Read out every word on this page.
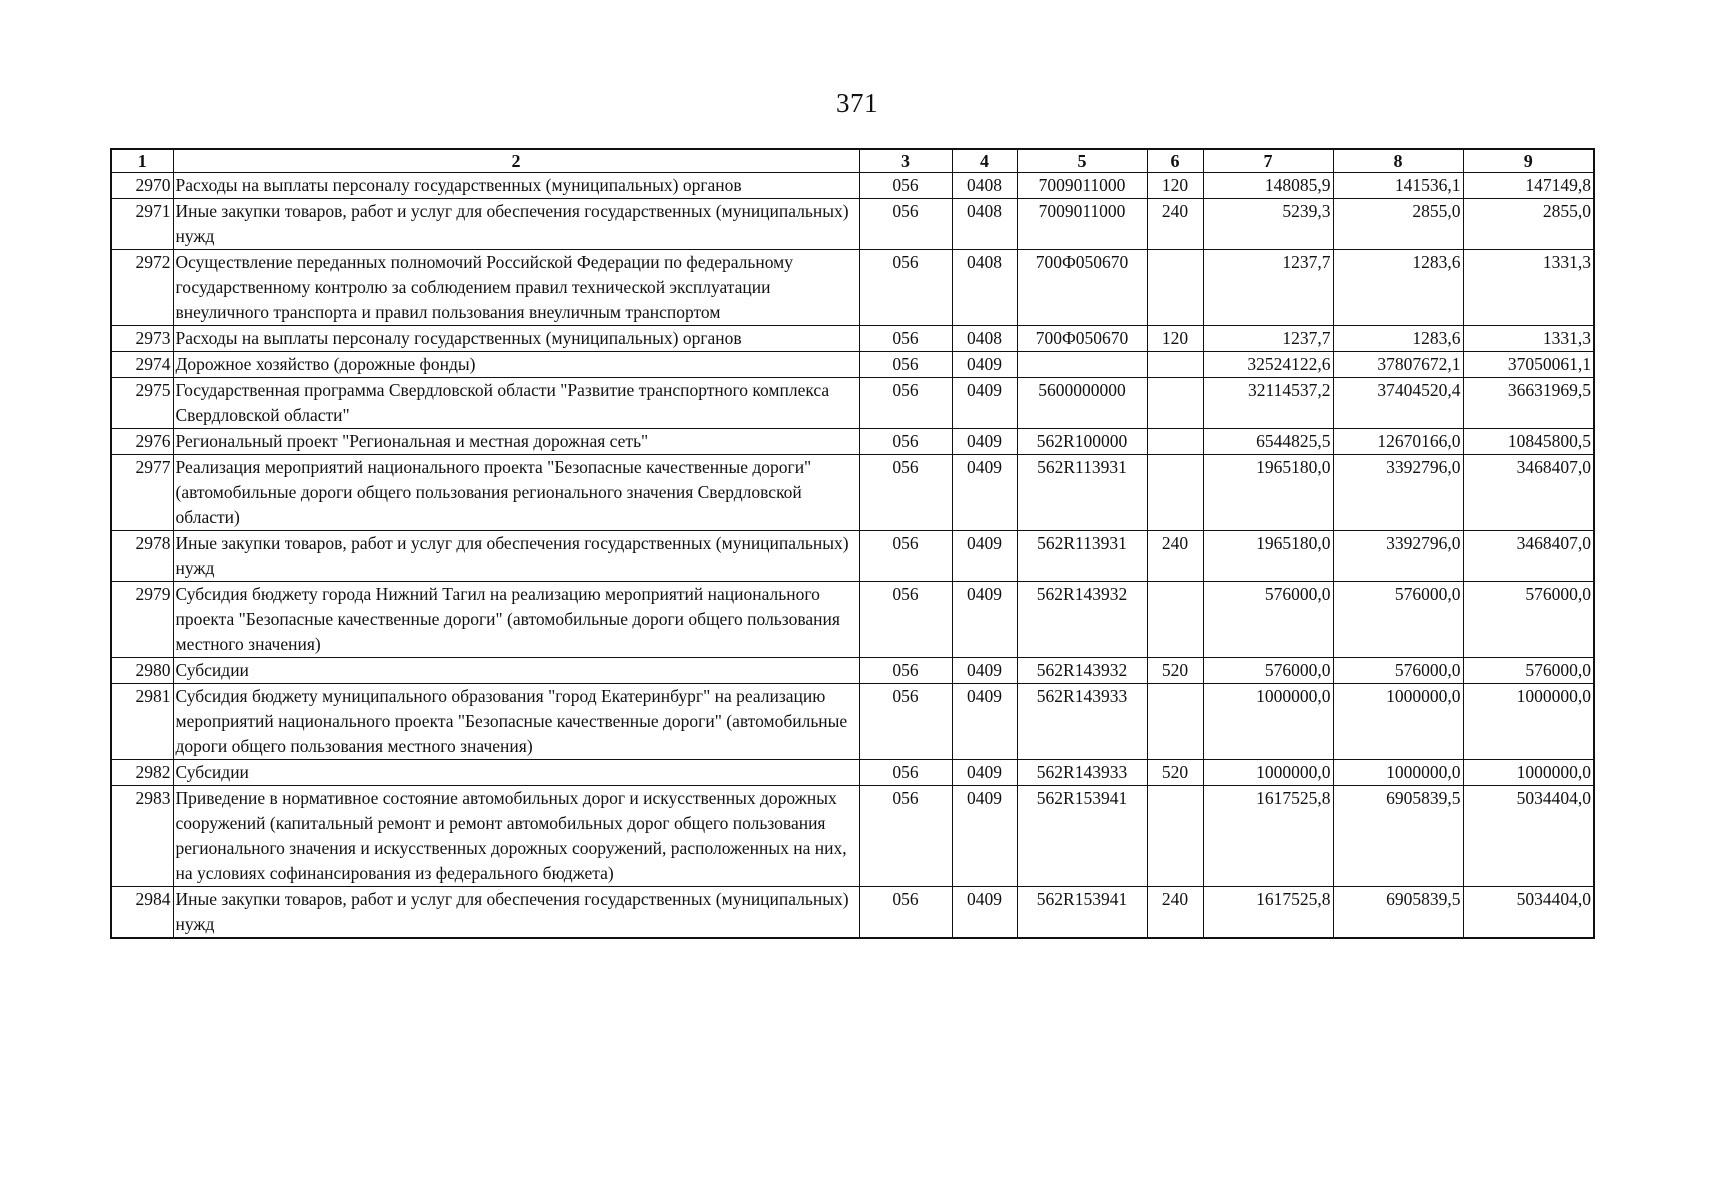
371
1	2	3	4	5	6	7	8	9
2970	Расходы на выплаты персоналу государственных (муниципальных) органов	056	0408	7009011000	120	148085,9	141536,1	147149,8
2971	Иные закупки товаров, работ и услуг для обеспечения государственных (муниципальных) нужд	056	0408	7009011000	240	5239,3	2855,0	2855,0
2972	Осуществление переданных полномочий Российской Федерации по федеральному государственному контролю за соблюдением правил технической эксплуатации внеуличного транспорта и правил пользования внеуличным транспортом	056	0408	700Ф050670		1237,7	1283,6	1331,3
2973	Расходы на выплаты персоналу государственных (муниципальных) органов	056	0408	700Ф050670	120	1237,7	1283,6	1331,3
2974	Дорожное хозяйство (дорожные фонды)	056	0409			32524122,6	37807672,1	37050061,1
2975	Государственная программа Свердловской области "Развитие транспортного комплекса Свердловской области"	056	0409	5600000000		32114537,2	37404520,4	36631969,5
2976	Региональный проект "Региональная и местная дорожная сеть"	056	0409	562R100000		6544825,5	12670166,0	10845800,5
2977	Реализация мероприятий национального проекта "Безопасные качественные дороги" (автомобильные дороги общего пользования регионального значения Свердловской области)	056	0409	562R113931		1965180,0	3392796,0	3468407,0
2978	Иные закупки товаров, работ и услуг для обеспечения государственных (муниципальных) нужд	056	0409	562R113931	240	1965180,0	3392796,0	3468407,0
2979	Субсидия бюджету города Нижний Тагил на реализацию мероприятий национального проекта "Безопасные качественные дороги" (автомобильные дороги общего пользования местного значения)	056	0409	562R143932		576000,0	576000,0	576000,0
2980	Субсидии	056	0409	562R143932	520	576000,0	576000,0	576000,0
2981	Субсидия бюджету муниципального образования "город Екатеринбург" на реализацию мероприятий национального проекта "Безопасные качественные дороги" (автомобильные дороги общего пользования местного значения)	056	0409	562R143933		1000000,0	1000000,0	1000000,0
2982	Субсидии	056	0409	562R143933	520	1000000,0	1000000,0	1000000,0
2983	Приведение в нормативное состояние автомобильных дорог и искусственных дорожных сооружений (капитальный ремонт и ремонт автомобильных дорог общего пользования регионального значения и искусственных дорожных сооружений, расположенных на них, на условиях софинансирования из федерального бюджета)	056	0409	562R153941		1617525,8	6905839,5	5034404,0
2984	Иные закупки товаров, работ и услуг для обеспечения государственных (муниципальных) нужд	056	0409	562R153941	240	1617525,8	6905839,5	5034404,0
